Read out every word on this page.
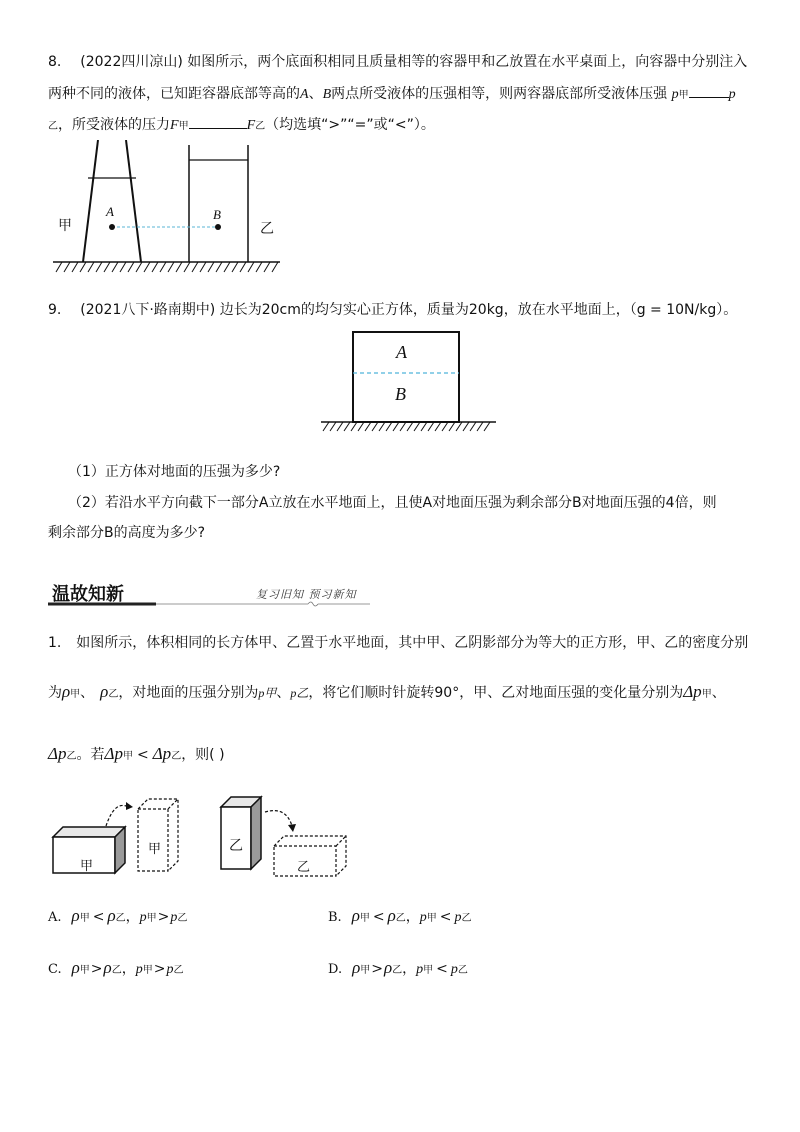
8. (2022四川凉山) 如图所示，两个底面积相同且质量相等的容器甲和乙放置在水平桌面上，向容器中分别注入
两种不同的液体，已知距容器底部等高的A、B两点所受液体的压强相等，则两容器底部所受液体压强 p甲	p
乙，所受液体的压力F甲	F乙（均选填“>”“=”或“<”）。
甲
A	B
乙
9. (2021八下·路南期中) 边长为20cm的均匀实心正方体，质量为20kg，放在水平地面上，（g = 10N/kg）。
A
B
（1）正方体对地面的压强为多少?
（2）若沿水平方向截下一部分A立放在水平地面上，且使A对地面压强为剩余部分B对地面压强的4倍，则
剩余部分B的高度为多少?
温故知新	复习旧知 预习新知
1. 如图所示，体积相同的长方体甲、乙置于水平地面，其中甲、乙阴影部分为等大的正方形，甲、乙的密度分别
为ρ甲、 ρ乙，对地面的压强分别为p甲、p乙，将它们顺时针旋转90°，甲、乙对地面压强的变化量分别为Δp甲、
Δp乙。若Δp甲 < Δp乙，则( )
甲
甲	乙
乙
A. ρ甲 < ρ乙，p甲>p乙	B. ρ甲 < ρ乙，p甲 < p乙
C. ρ甲>ρ乙，p甲>p乙	D. ρ甲>ρ乙，p甲 < p乙
